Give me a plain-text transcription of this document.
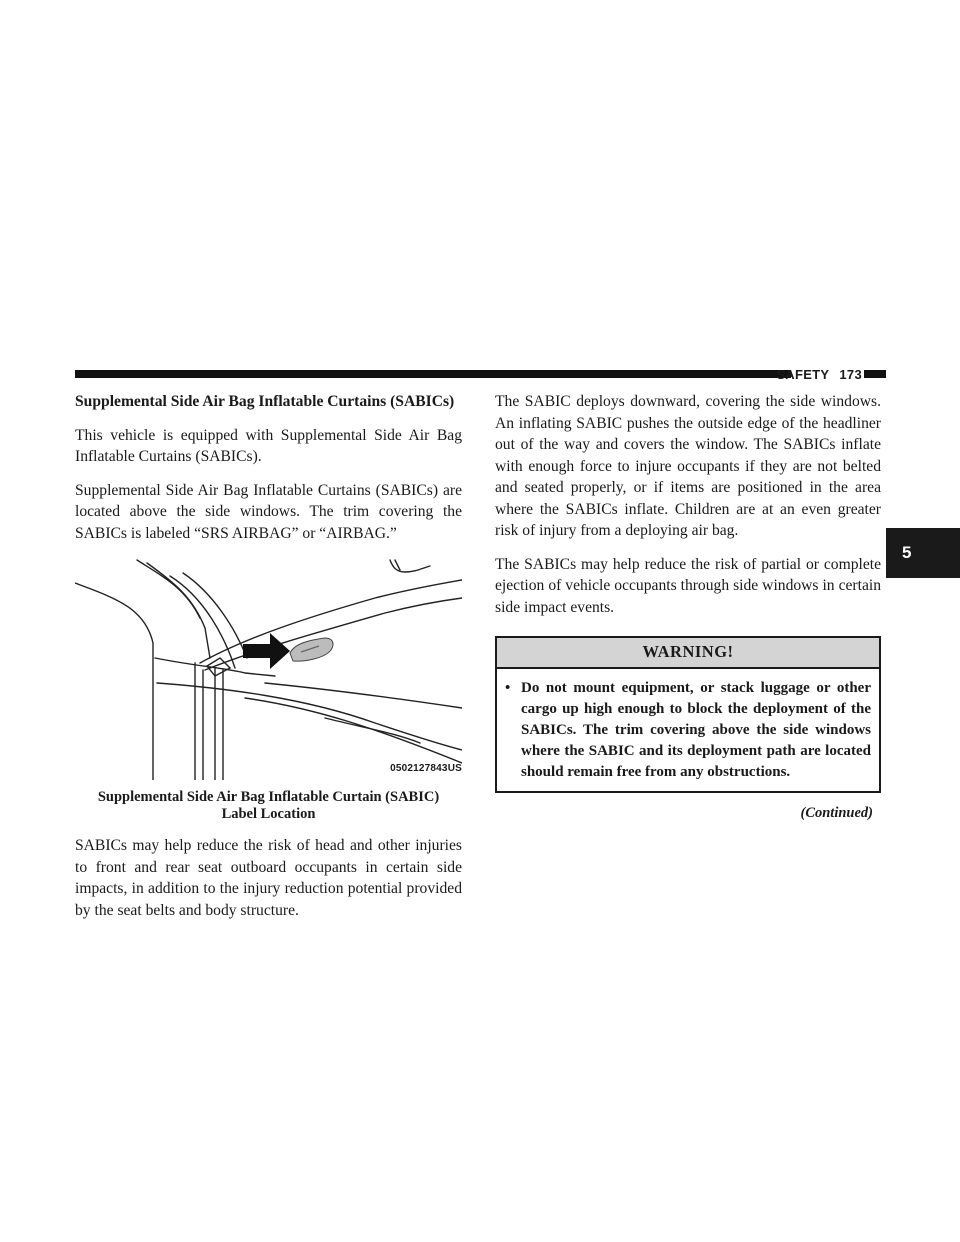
SAFETY 173
5

Supplemental Side Air Bag Inflatable Curtains (SABICs)

This vehicle is equipped with Supplemental Side Air Bag Inflatable Curtains (SABICs).

Supplemental Side Air Bag Inflatable Curtains (SABICs) are located above the side windows. The trim covering the SABICs is labeled “SRS AIRBAG” or “AIRBAG.”

0502127843US
Supplemental Side Air Bag Inflatable Curtain (SABIC)
Label Location

SABICs may help reduce the risk of head and other injuries to front and rear seat outboard occupants in certain side impacts, in addition to the injury reduction potential provided by the seat belts and body structure.

The SABIC deploys downward, covering the side windows. An inflating SABIC pushes the outside edge of the headliner out of the way and covers the window. The SABICs inflate with enough force to injure occupants if they are not belted and seated properly, or if items are positioned in the area where the SABICs inflate. Children are at an even greater risk of injury from a deploying air bag.

The SABICs may help reduce the risk of partial or complete ejection of vehicle occupants through side windows in certain side impact events.

WARNING!
• Do not mount equipment, or stack luggage or other cargo up high enough to block the deployment of the SABICs. The trim covering above the side windows where the SABIC and its deployment path are located should remain free from any obstructions.
(Continued)
